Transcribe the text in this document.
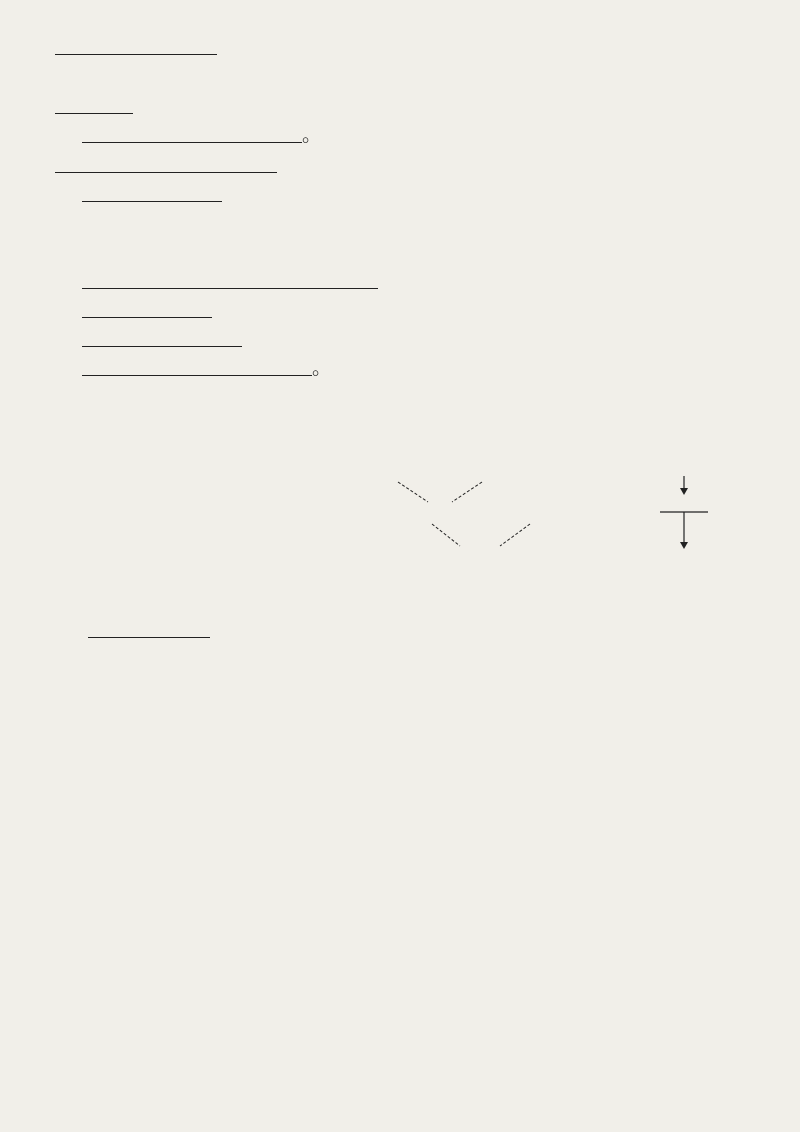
。
。
